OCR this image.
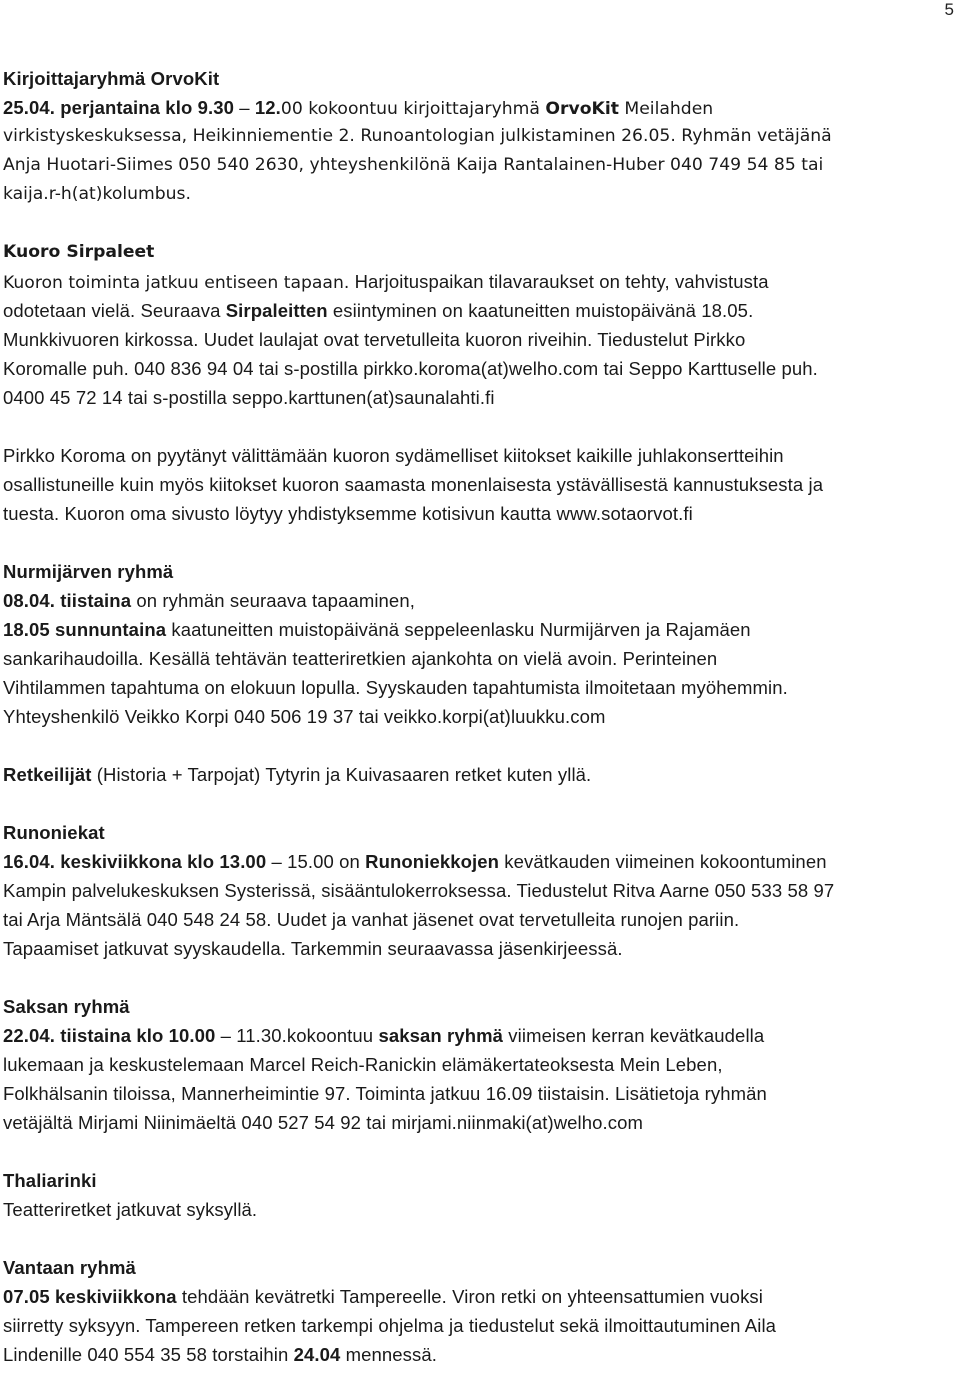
5
Kirjoittajaryhmä OrvoKit
25.04. perjantaina klo 9.30 – 12.00 kokoontuu kirjoittajaryhmä OrvoKit Meilahden
virkistyskeskuksessa, Heikinniementie 2. Runoantologian julkistaminen 26.05. Ryhmän vetäjänä
Anja Huotari-Siimes 050 540 2630, yhteyshenkilönä Kaija Rantalainen-Huber 040 749 54 85 tai
kaija.r-h(at)kolumbus.
Kuoro Sirpaleet
Kuoron toiminta jatkuu entiseen tapaan. Harjoituspaikan tilavaraukset on tehty, vahvistusta
odotetaan vielä. Seuraava Sirpaleitten esiintyminen on kaatuneitten muistopäivänä 18.05.
Munkkivuoren kirkossa. Uudet laulajat ovat tervetulleita kuoron riveihin. Tiedustelut Pirkko
Koromalle puh. 040 836 94 04 tai s-postilla pirkko.koroma(at)welho.com tai Seppo Karttuselle puh.
0400 45 72 14 tai s-postilla seppo.karttunen(at)saunalahti.fi
Pirkko Koroma on pyytänyt välittämään kuoron sydämelliset kiitokset kaikille juhlakonsertteihin
osallistuneille kuin myös kiitokset kuoron saamasta monenlaisesta ystävällisestä kannustuksesta ja
tuesta. Kuoron oma sivusto löytyy yhdistyksemme kotisivun kautta www.sotaorvot.fi
Nurmijärven ryhmä
08.04. tiistaina on ryhmän seuraava tapaaminen,
18.05 sunnuntaina kaatuneitten muistopäivänä seppeleenlasku Nurmijärven ja Rajamäen
sankarihaudoilla. Kesällä tehtävän teatteriretkien ajankohta on vielä avoin. Perinteinen
Vihtilammen tapahtuma on elokuun lopulla. Syyskauden tapahtumista ilmoitetaan myöhemmin.
Yhteyshenkilö Veikko Korpi 040 506 19 37 tai veikko.korpi(at)luukku.com
Retkeilijät (Historia + Tarpojat) Tytyrin ja Kuivasaaren retket kuten yllä.
Runoniekat
16.04. keskiviikkona klo 13.00 – 15.00 on Runoniekkojen kevätkauden viimeinen kokoontuminen
Kampin palvelukeskuksen Systerissä, sisääntulokerroksessa. Tiedustelut Ritva Aarne 050 533 58 97
tai Arja Mäntsälä 040 548 24 58. Uudet ja vanhat jäsenet ovat tervetulleita runojen pariin.
Tapaamiset jatkuvat syyskaudella. Tarkemmin seuraavassa jäsenkirjeessä.
Saksan ryhmä
22.04. tiistaina klo 10.00 – 11.30.kokoontuu saksan ryhmä viimeisen kerran kevätkaudella
lukemaan ja keskustelemaan Marcel Reich-Ranickin elämäkertateoksesta Mein Leben,
Folkhälsanin tiloissa, Mannerheimintie 97. Toiminta jatkuu 16.09 tiistaisin. Lisätietoja ryhmän
vetäjältä Mirjami Niinimäeltä 040 527 54 92 tai mirjami.niinmaki(at)welho.com
Thaliarinki
Teatteriretket jatkuvat syksyllä.
Vantaan ryhmä
07.05 keskiviikkona tehdään kevätretki Tampereelle. Viron retki on yhteensattumien vuoksi
siirretty syksyyn. Tampereen retken tarkempi ohjelma ja tiedustelut sekä ilmoittautuminen Aila
Lindenille 040 554 35 58 torstaihin 24.04 mennessä.
